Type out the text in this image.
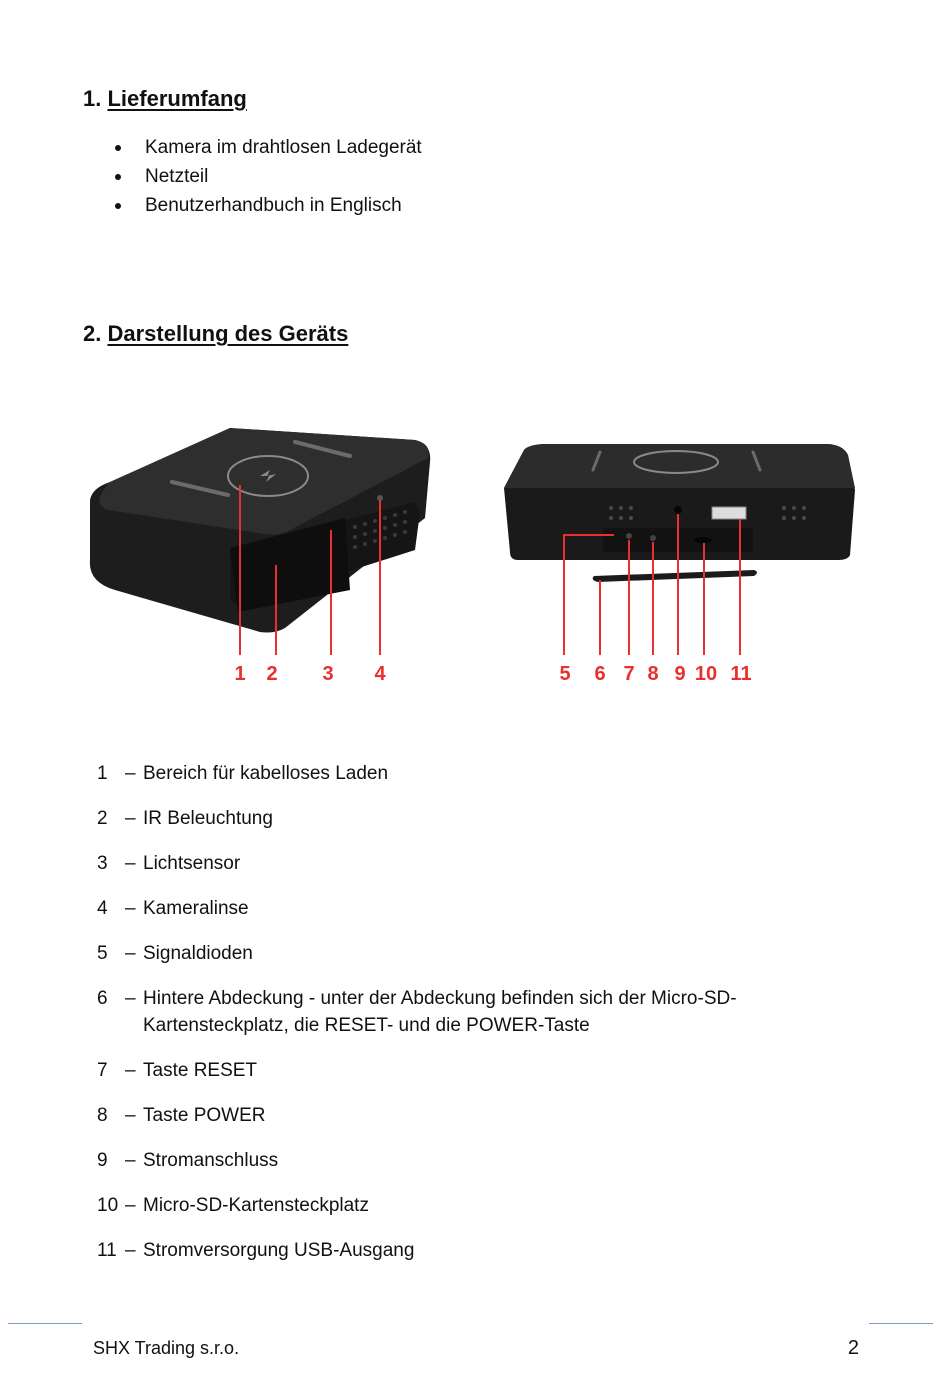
1. Lieferumfang
Kamera im drahtlosen Ladegerät
Netzteil
Benutzerhandbuch in Englisch
2. Darstellung des Geräts
1 2 3 4	5 6 7 8 9 10 11
1 – Bereich für kabelloses Laden
2 – IR Beleuchtung
3 – Lichtsensor
4 – Kameralinse
5 – Signaldioden
6 – Hintere Abdeckung - unter der Abdeckung befinden sich der Micro-SD-Kartensteckplatz, die RESET- und die POWER-Taste
7 – Taste RESET
8 – Taste POWER
9 – Stromanschluss
10 – Micro-SD-Kartensteckplatz
11 – Stromversorgung USB-Ausgang
SHX Trading s.r.o.	2
